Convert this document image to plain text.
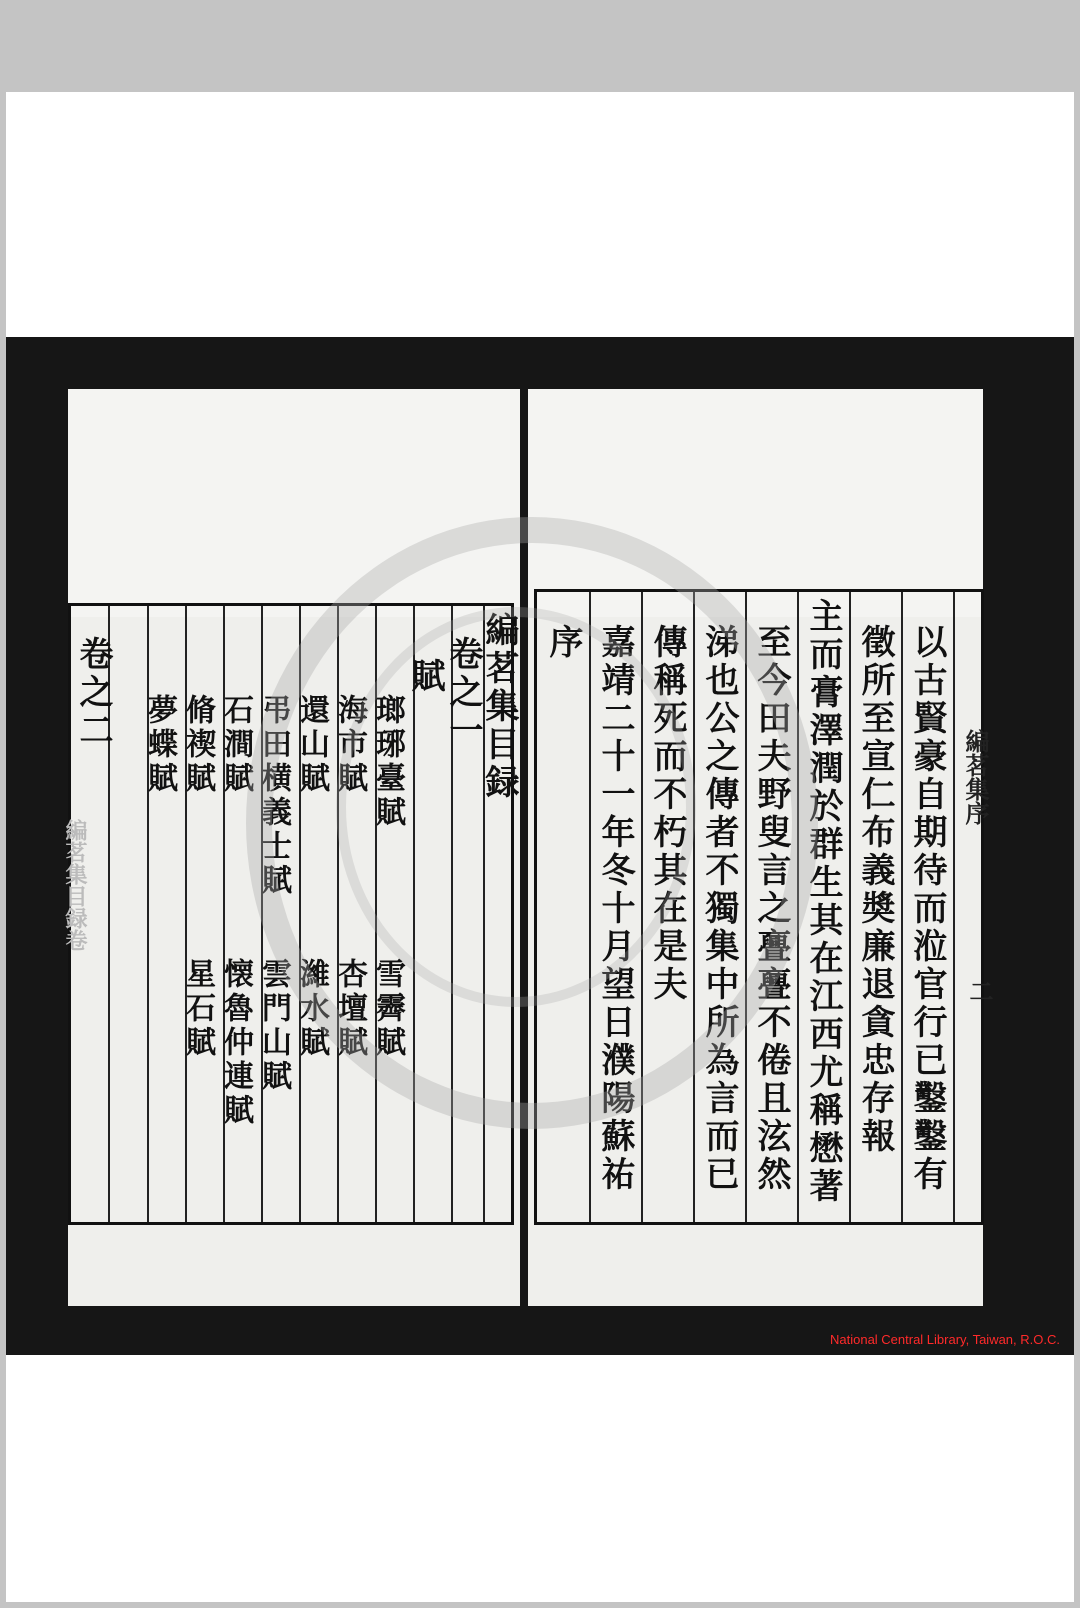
編茗集目録
卷之一
賦
瑯琊臺賦
雪霽賦
海市賦
杏壇賦
還山賦
濰水賦
弔田横義士賦
雲門山賦
石澗賦
懐魯仲連賦
脩禊賦
星石賦
夢蝶賦
卷之二
編茗集目録卷	以古賢豪自期待而涖官行已鑿鑿有
徵所至宣仁布義奬廉退貪忠存報
主而膏澤潤於群生其在江西尤稱懋著
至今田夫野叟言之亹亹不倦且泫然
涕也公之傳者不獨集中所為言而已
傳稱死而不朽其在是夫
嘉靖二十一年冬十月望日濮陽蘇祐
序
編茗集序
二
National Central Library, Taiwan, R.O.C.
